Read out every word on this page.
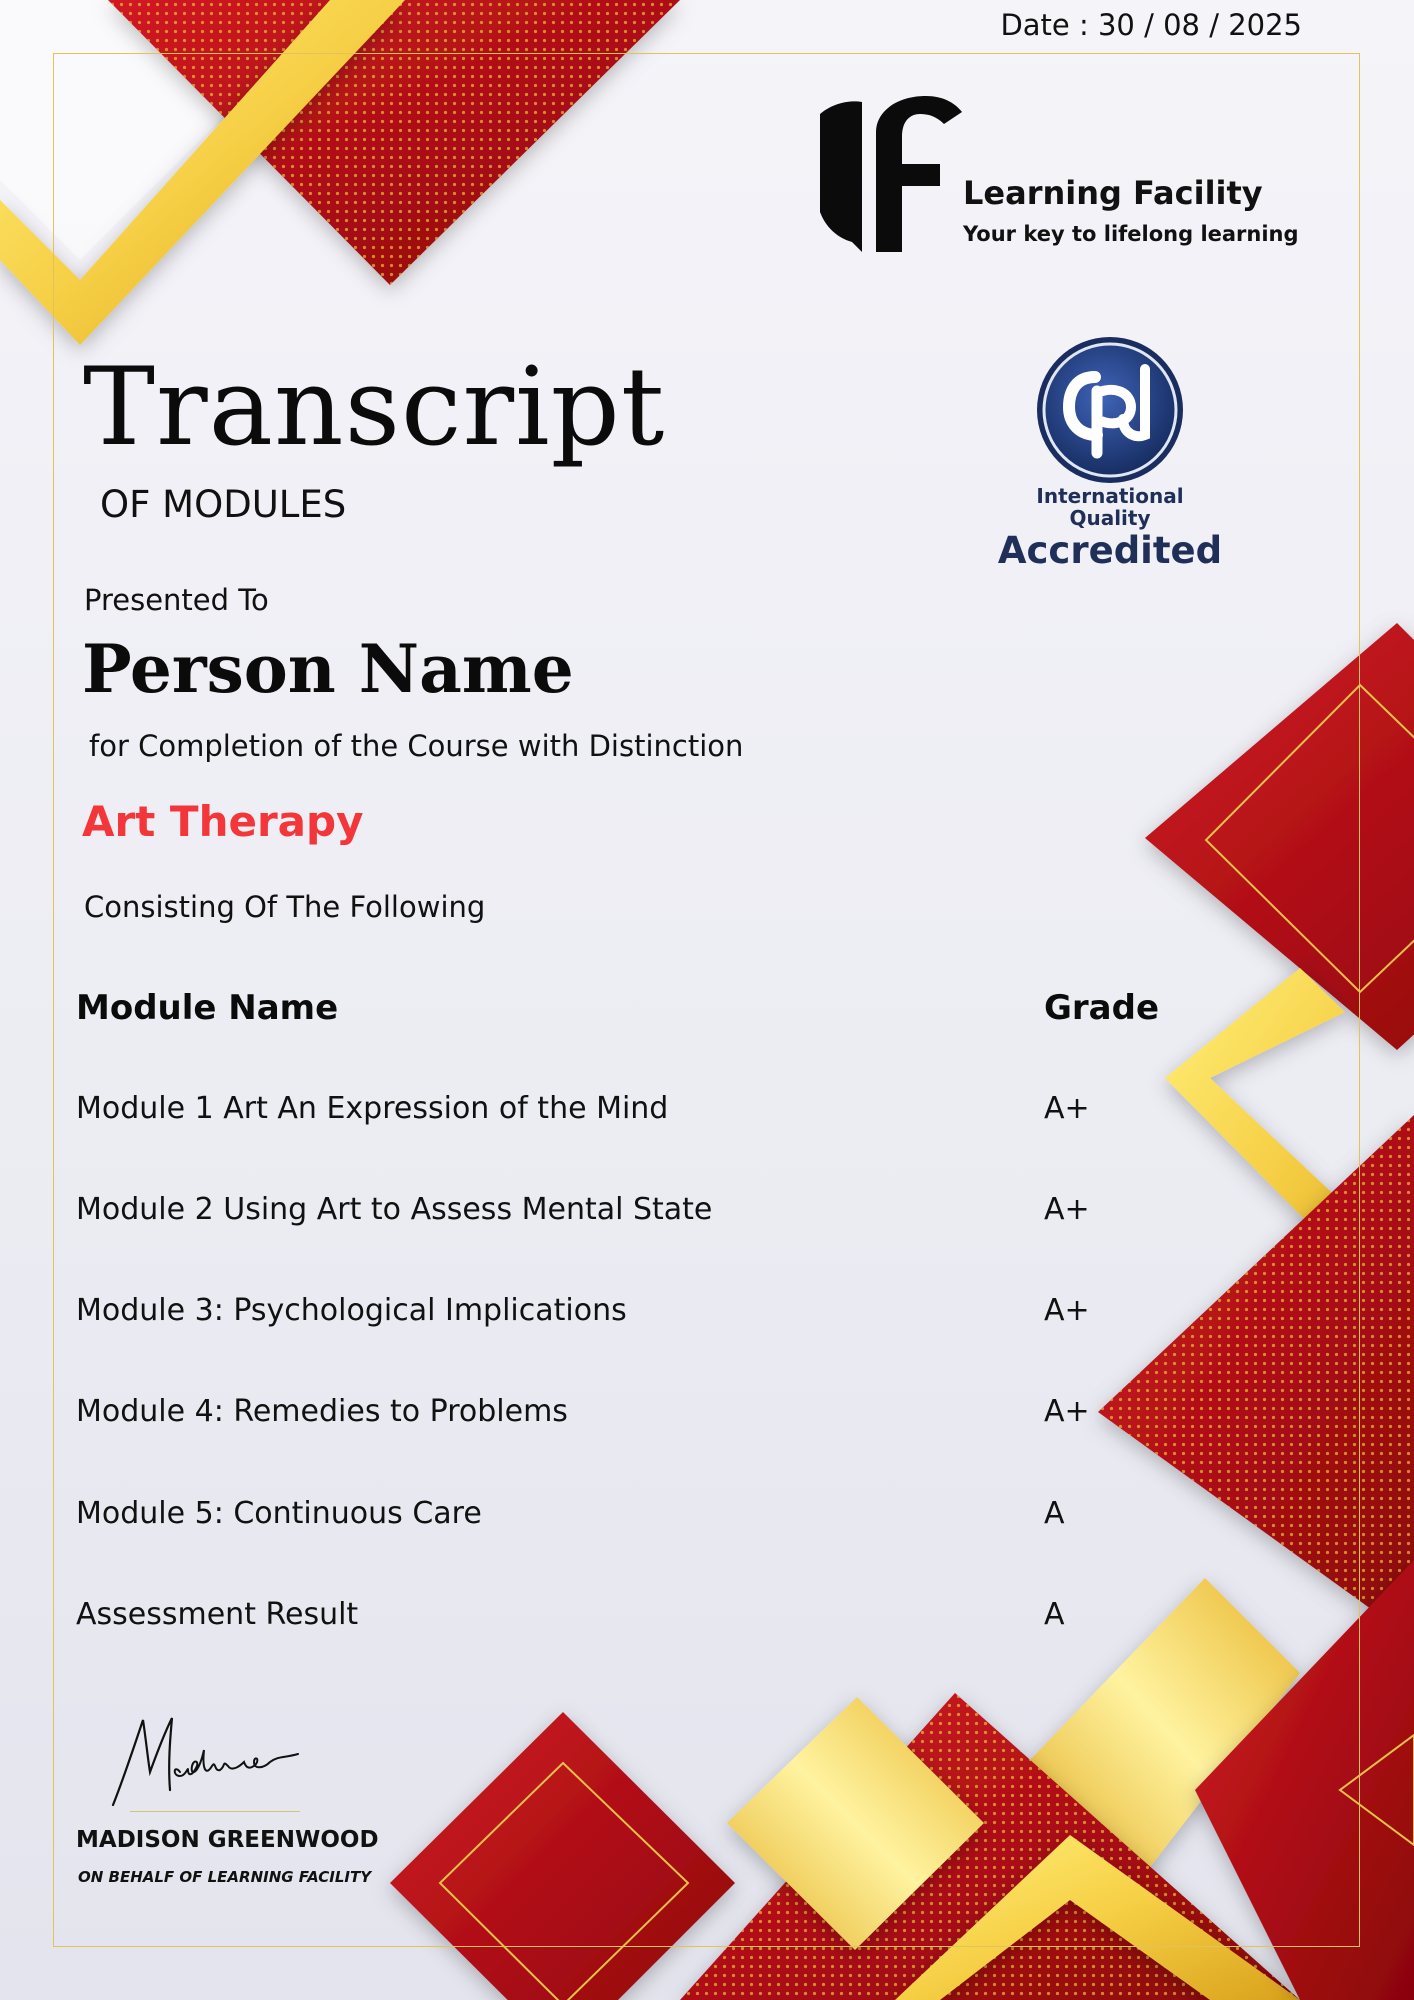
Date : 30 / 08 / 2025
Learning Facility
Your key to lifelong learning
International
Quality
Accredited
Transcript
OF MODULES
Presented To
Person Name
for Completion of the Course with Distinction
Art Therapy
Consisting Of The Following
Module Name	Grade
Module 1 Art An Expression of the Mind	A+
Module 2 Using Art to Assess Mental State	A+
Module 3: Psychological Implications	A+
Module 4: Remedies to Problems	A+
Module 5: Continuous Care	A
Assessment Result	A
MADISON GREENWOOD
ON BEHALF OF LEARNING FACILITY
